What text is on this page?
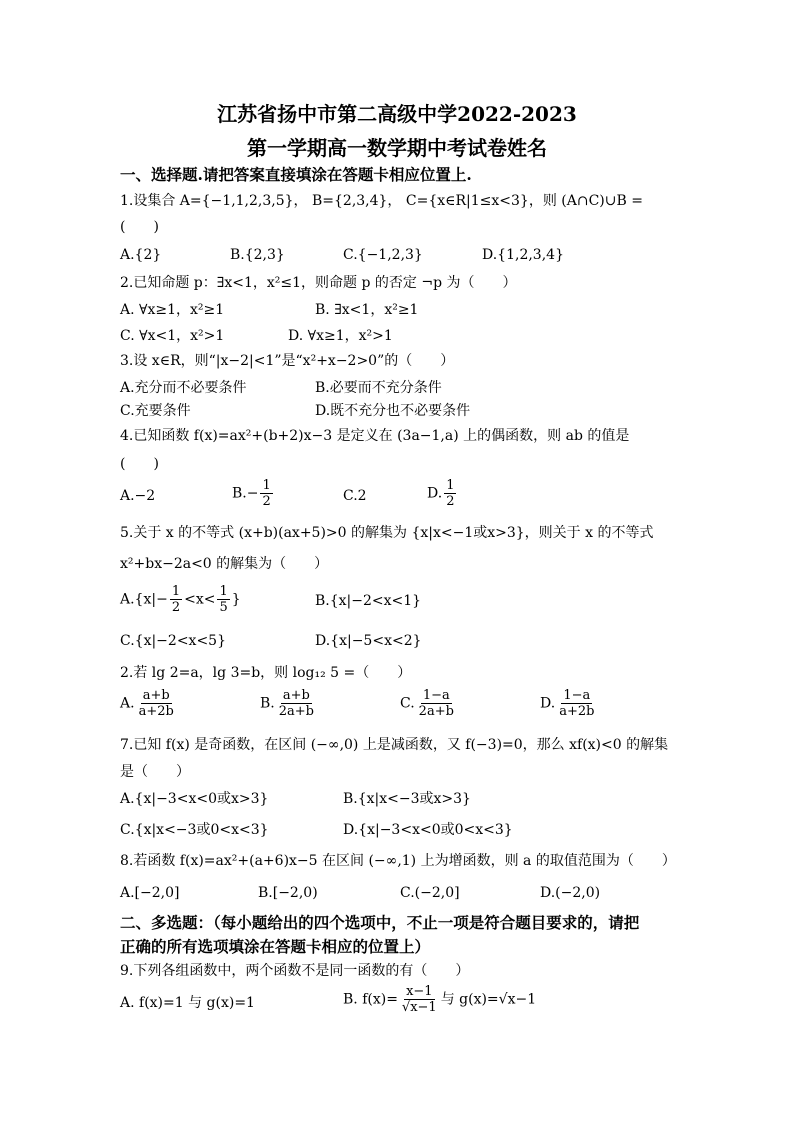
江苏省扬中市第二高级中学2022-2023
第一学期高一数学期中考试卷姓名
一、选择题.请把答案直接填涂在答题卡相应位置上.
1.设集合 A={−1,1,2,3,5}， B={2,3,4}， C={x∈R|1≤x<3}，则 (A∩C)∪B =
(　　)
A.{2}	B.{2,3}	C.{−1,2,3}	D.{1,2,3,4}
2.已知命题 p：∃x<1，x²≤1，则命题 p 的否定 ¬p 为（　　）
A. ∀x≥1，x²≥1	B. ∃x<1，x²≥1
C. ∀x<1，x²>1	D. ∀x≥1，x²>1
3.设 x∈R，则“|x−2|<1”是“x²+x−2>0”的（　　）
A.充分而不必要条件	B.必要而不充分条件
C.充要条件	D.既不充分也不必要条件
4.已知函数 f(x)=ax²+(b+2)x−3 是定义在 (3a−1,a) 上的偶函数，则 ab 的值是
(　　)
A.−2	$B.- \frac{1}{2}$	C.2	D. $\frac{1}{2}$
5.关于 x 的不等式 (x+b)(ax+5)>0 的解集为 {x|x<−1或x>3}，则关于 x 的不等式
x²+bx−2a<0 的解集为（　　）
$A.\{x|- \frac{1}{2} <x< \frac{1}{5}$ }	B.{x|−2<x<1}
C.{x|−2<x<5}	D.{x|−5<x<2}
2.若 lg 2=a，lg 3=b，则 log₁₂ 5 =（　　）
A. $\frac{a+b}{a+2b}$	B. $\frac{a+b}{2a+b}$	C. $\frac{1-a}{2a+b}$	D. $\frac{1-a}{a+2b}$
7.已知 f(x) 是奇函数，在区间 (−∞,0) 上是减函数，又 f(−3)=0，那么 xf(x)<0 的解集
是（　　）
A.{x|−3<x<0或x>3}	B.{x|x<−3或x>3}
C.{x|x<−3或0<x<3}	D.{x|−3<x<0或0<x<3}
8.若函数 f(x)=ax²+(a+6)x−5 在区间 (−∞,1) 上为增函数，则 a 的取值范围为（　　）
A.[−2,0]	B.[−2,0)	C.(−2,0]	D.(−2,0)
二、多选题：（每小题给出的四个选项中，不止一项是符合题目要求的，请把
正确的所有选项填涂在答题卡相应的位置上）
9.下列各组函数中，两个函数不是同一函数的有（　　）
A. f(x)=1 与 g(x)=1	B. $f(x)= \frac{x-1}{√x-1}$ 与 g(x)=√x−1
